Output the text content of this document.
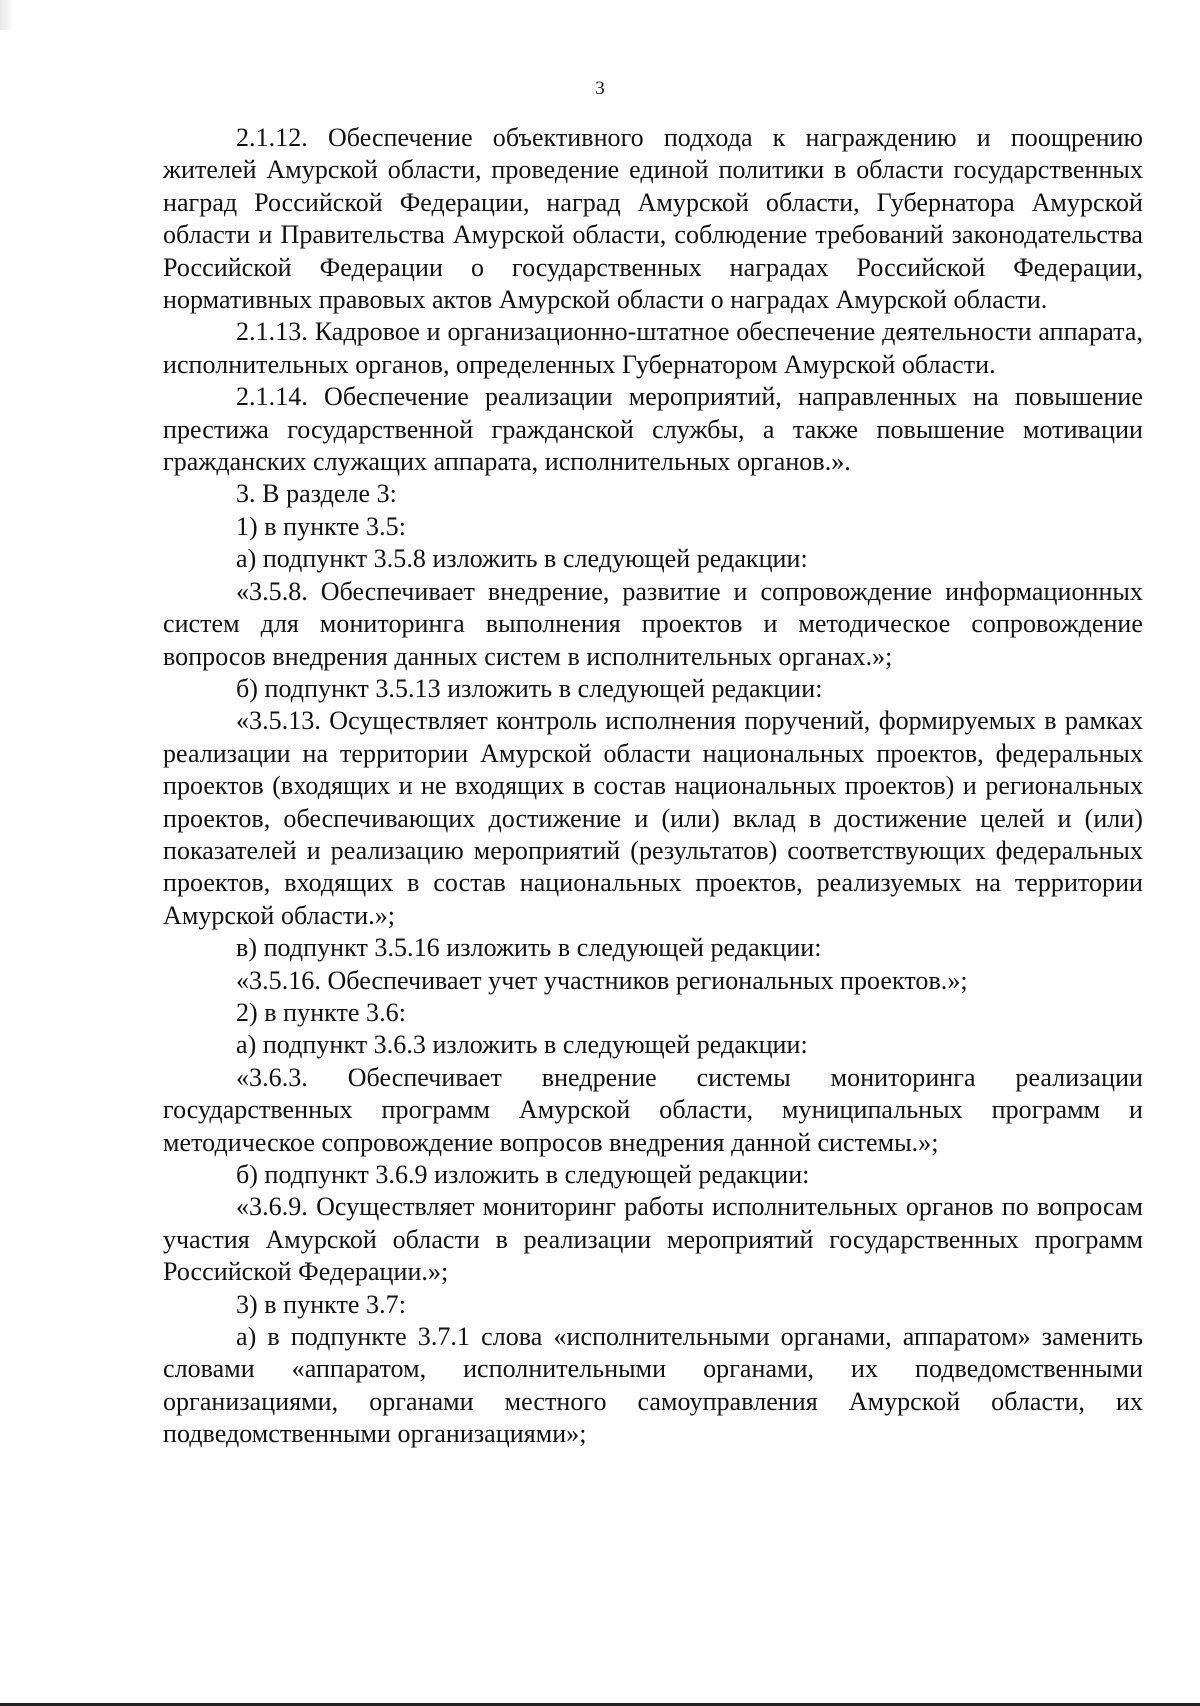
3

2.1.12. Обеспечение объективного подхода к награждению и поощрению жителей Амурской области, проведение единой политики в области государственных наград Российской Федерации, наград Амурской области, Губернатора Амурской области и Правительства Амурской области, соблюдение требований законодательства Российской Федерации о государственных наградах Российской Федерации, нормативных правовых актов Амурской области о наградах Амурской области.

2.1.13. Кадровое и организационно-штатное обеспечение деятельности аппарата, исполнительных органов, определенных Губернатором Амурской области.

2.1.14. Обеспечение реализации мероприятий, направленных на повышение престижа государственной гражданской службы, а также повышение мотивации гражданских служащих аппарата, исполнительных органов.».

3. В разделе 3:

1) в пункте 3.5:

а) подпункт 3.5.8 изложить в следующей редакции:

«3.5.8. Обеспечивает внедрение, развитие и сопровождение информационных систем для мониторинга выполнения проектов и методическое сопровождение вопросов внедрения данных систем в исполнительных органах.»;

б) подпункт 3.5.13 изложить в следующей редакции:

«3.5.13. Осуществляет контроль исполнения поручений, формируемых в рамках реализации на территории Амурской области национальных проектов, федеральных проектов (входящих и не входящих в состав национальных проектов) и региональных проектов, обеспечивающих достижение и (или) вклад в достижение целей и (или) показателей и реализацию мероприятий (результатов) соответствующих федеральных проектов, входящих в состав национальных проектов, реализуемых на территории Амурской области.»;

в) подпункт 3.5.16 изложить в следующей редакции:

«3.5.16. Обеспечивает учет участников региональных проектов.»;

2) в пункте 3.6:

а) подпункт 3.6.3 изложить в следующей редакции:

«3.6.3. Обеспечивает внедрение системы мониторинга реализации государственных программ Амурской области, муниципальных программ и методическое сопровождение вопросов внедрения данной системы.»;

б) подпункт 3.6.9 изложить в следующей редакции:

«3.6.9. Осуществляет мониторинг работы исполнительных органов по вопросам участия Амурской области в реализации мероприятий государственных программ Российской Федерации.»;

3) в пункте 3.7:

а) в подпункте 3.7.1 слова «исполнительными органами, аппаратом» заменить словами «аппаратом, исполнительными органами, их подведомственными организациями, органами местного самоуправления Амурской области, их подведомственными организациями»;
